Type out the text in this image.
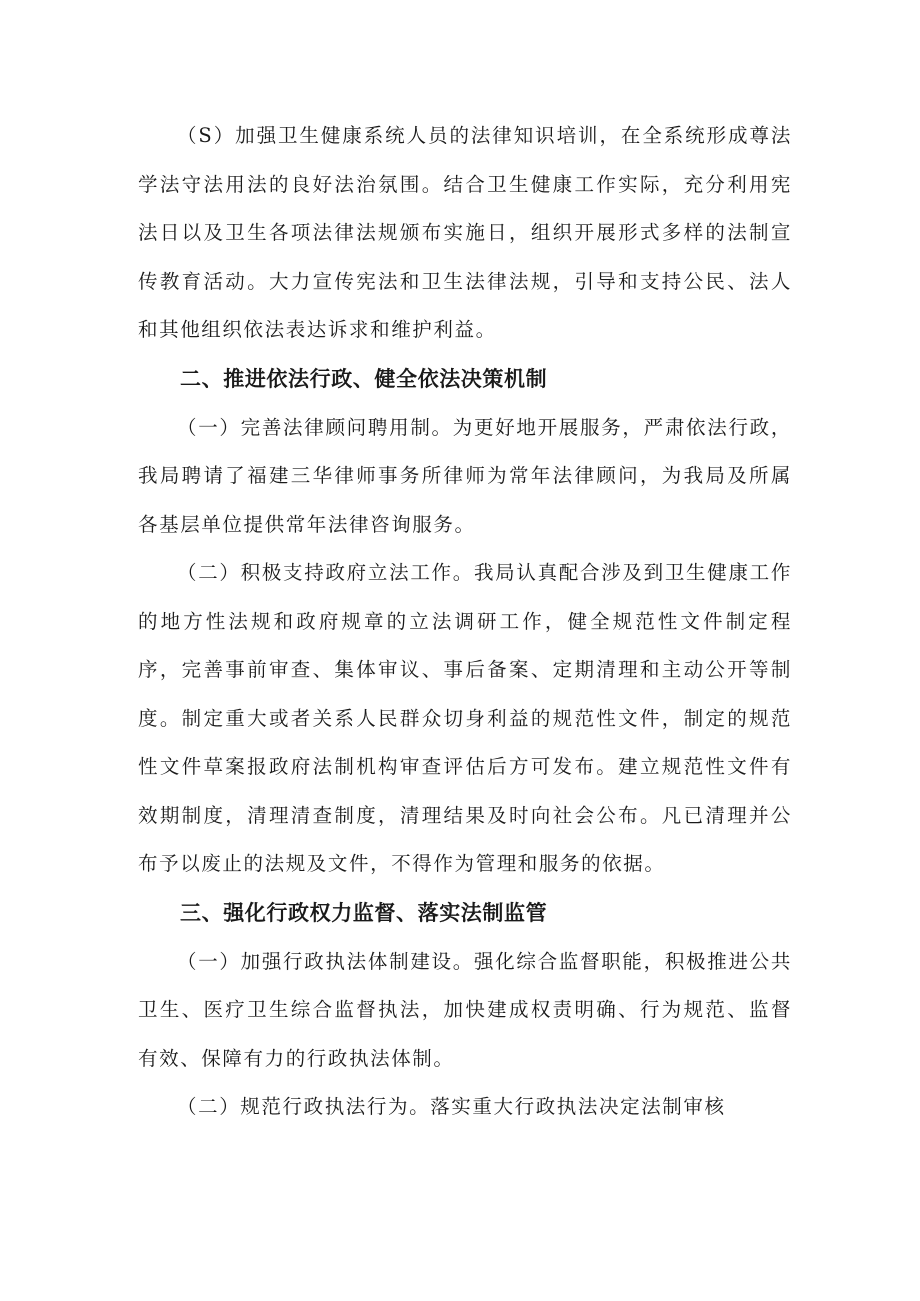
（S）加强卫生健康系统人员的法律知识培训，在全系统形成尊法学法守法用法的良好法治氛围。结合卫生健康工作实际，充分利用宪法日以及卫生各项法律法规颁布实施日，组织开展形式多样的法制宣传教育活动。大力宣传宪法和卫生法律法规，引导和支持公民、法人和其他组织依法表达诉求和维护利益。

二、推进依法行政、健全依法决策机制

（一）完善法律顾问聘用制。为更好地开展服务，严肃依法行政，我局聘请了福建三华律师事务所律师为常年法律顾问，为我局及所属各基层单位提供常年法律咨询服务。

（二）积极支持政府立法工作。我局认真配合涉及到卫生健康工作的地方性法规和政府规章的立法调研工作，健全规范性文件制定程序，完善事前审查、集体审议、事后备案、定期清理和主动公开等制度。制定重大或者关系人民群众切身利益的规范性文件，制定的规范性文件草案报政府法制机构审查评估后方可发布。建立规范性文件有效期制度，清理清查制度，清理结果及时向社会公布。凡已清理并公布予以废止的法规及文件，不得作为管理和服务的依据。

三、强化行政权力监督、落实法制监管

（一）加强行政执法体制建设。强化综合监督职能，积极推进公共卫生、医疗卫生综合监督执法，加快建成权责明确、行为规范、监督有效、保障有力的行政执法体制。

（二）规范行政执法行为。落实重大行政执法决定法制审核
